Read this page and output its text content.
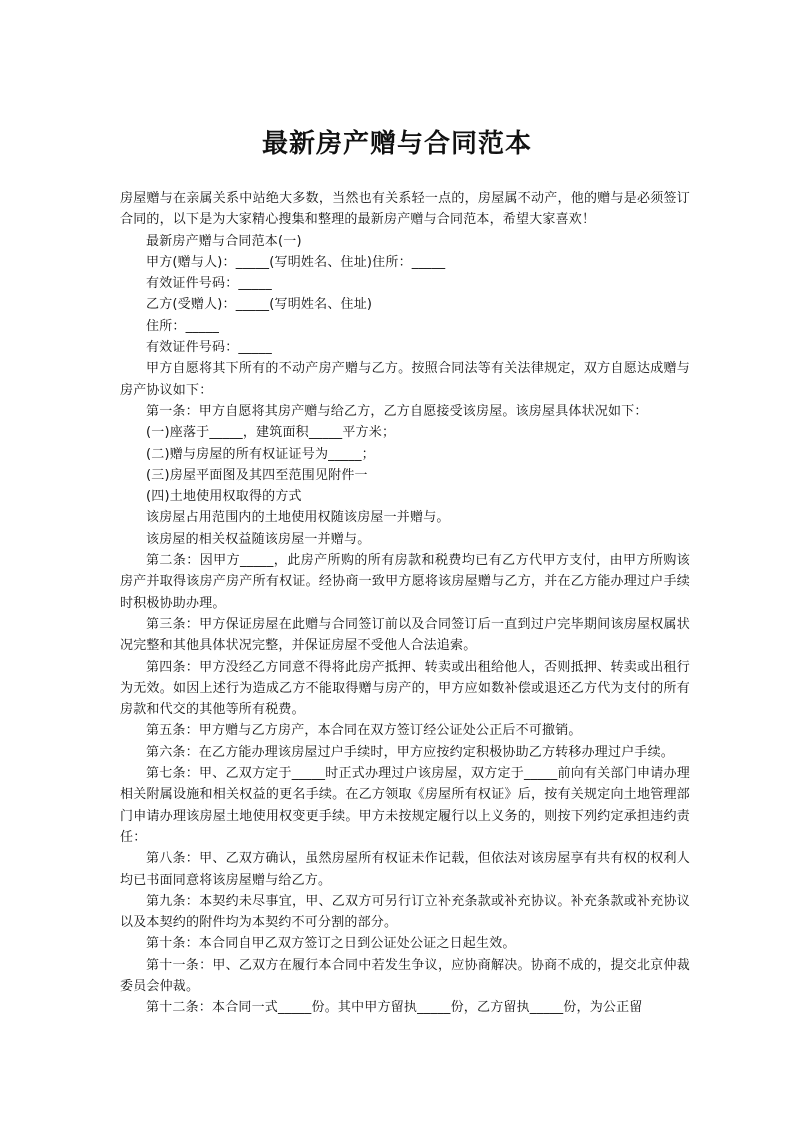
最新房产赠与合同范本

房屋赠与在亲属关系中站绝大多数，当然也有关系轻一点的，房屋属不动产，他的赠与是必须签订合同的，以下是为大家精心搜集和整理的最新房产赠与合同范本，希望大家喜欢！

最新房产赠与合同范本(一)

甲方(赠与人)：_____(写明姓名、住址)住所：_____

有效证件号码：_____

乙方(受赠人)：_____(写明姓名、住址)

住所：_____

有效证件号码：_____

甲方自愿将其下所有的不动产房产赠与乙方。按照合同法等有关法律规定，双方自愿达成赠与房产协议如下：

第一条：甲方自愿将其房产赠与给乙方，乙方自愿接受该房屋。该房屋具体状况如下：

(一)座落于_____，建筑面积_____平方米；

(二)赠与房屋的所有权证证号为_____；

(三)房屋平面图及其四至范围见附件一

(四)土地使用权取得的方式

该房屋占用范围内的土地使用权随该房屋一并赠与。

该房屋的相关权益随该房屋一并赠与。

第二条：因甲方_____，此房产所购的所有房款和税费均已有乙方代甲方支付，由甲方所购该房产并取得该房产房产所有权证。经协商一致甲方愿将该房屋赠与乙方，并在乙方能办理过户手续时积极协助办理。

第三条：甲方保证房屋在此赠与合同签订前以及合同签订后一直到过户完毕期间该房屋权属状况完整和其他具体状况完整，并保证房屋不受他人合法追索。

第四条：甲方没经乙方同意不得将此房产抵押、转卖或出租给他人，否则抵押、转卖或出租行为无效。如因上述行为造成乙方不能取得赠与房产的，甲方应如数补偿或退还乙方代为支付的所有房款和代交的其他等所有税费。

第五条：甲方赠与乙方房产，本合同在双方签订经公证处公正后不可撤销。

第六条：在乙方能办理该房屋过户手续时，甲方应按约定积极协助乙方转移办理过户手续。

第七条：甲、乙双方定于_____时正式办理过户该房屋，双方定于_____前向有关部门申请办理相关附属设施和相关权益的更名手续。在乙方领取《房屋所有权证》后，按有关规定向土地管理部门申请办理该房屋土地使用权变更手续。甲方未按规定履行以上义务的，则按下列约定承担违约责任：

第八条：甲、乙双方确认，虽然房屋所有权证未作记载，但依法对该房屋享有共有权的权利人均已书面同意将该房屋赠与给乙方。

第九条：本契约未尽事宜，甲、乙双方可另行订立补充条款或补充协议。补充条款或补充协议以及本契约的附件均为本契约不可分割的部分。

第十条：本合同自甲乙双方签订之日到公证处公证之日起生效。

第十一条：甲、乙双方在履行本合同中若发生争议，应协商解决。协商不成的，提交北京仲裁委员会仲裁。

第十二条：本合同一式_____份。其中甲方留执_____份，乙方留执_____份，为公正留
